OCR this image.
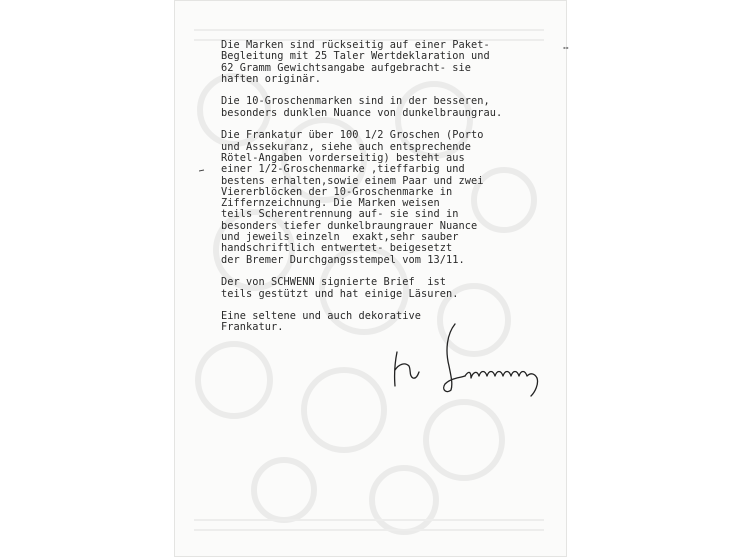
▪▪

Die Marken sind rückseitig auf einer Paket-
Begleitung mit 25 Taler Wertdeklaration und
62 Gramm Gewichtsangabe aufgebracht- sie
haften originär.

Die 10-Groschenmarken sind in der besseren,
besonders dunklen Nuance von dunkelbraungrau.

Die Frankatur über 100 1/2 Groschen (Porto
und Assekuranz, siehe auch entsprechende
Rötel-Angaben vorderseitig) besteht aus
einer 1/2-Groschenmarke ,tieffarbig und
bestens erhalten,sowie einem Paar und zwei
Viererblöcken der 10-Groschenmarke in
Ziffernzeichnung. Die Marken weisen
teils Scherentrennung auf- sie sind in
besonders tiefer dunkelbraungrauer Nuance
und jeweils einzeln  exakt,sehr sauber
handschriftlich entwertet- beigesetzt
der Bremer Durchgangsstempel vom 13/11.

Der von SCHWENN signierte Brief  ist
teils gestützt und hat einige Läsuren.

Eine seltene und auch dekorative
Frankatur.
